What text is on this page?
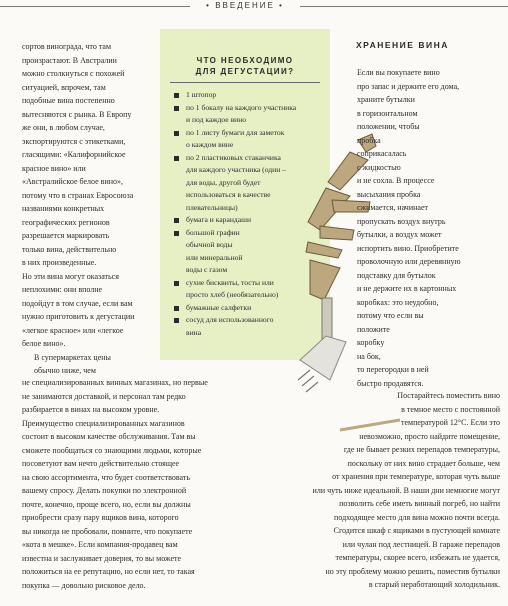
• ВВЕДЕНИЕ •

сортов винограда, что там
произрастают. В Австралии
можно столкнуться с похожей
ситуацией, впрочем, там
подобные вина постепенно
вытесняются с рынка. В Европу
же они, в любом случае,
экспортируются с этикетками,
гласящими: «Калифорнийское
красное вино» или
«Австралийское белое вино»,
потому что в странах Евросоюза
названиями конкретных
географических регионов
разрешается маркировать
только вина, действительно
в них произведенные.
Но эти вина могут оказаться
неплохими: они вполне
подойдут в том случае, если вам
нужно приготовить к дегустации
«легкое красное» или «легкое
белое вино».

В супермаркетах цены
обычно ниже, чем

ЧТО НЕОБХОДИМО
ДЛЯ ДЕГУСТАЦИИ?
1 штопор
по 1 бокалу на каждого участника
и под каждое вино
по 1 листу бумаги для заметок
о каждом вине
по 2 пластиковых стаканчика
для каждого участника (один –
для воды, другой будет
использоваться в качестве
плевательницы)
бумага и карандаши
большой графин
обычной воды
или минеральной
воды с газом
сухие бисквиты, тосты или
просто хлеб (необязательно)
бумажные салфетки
сосуд для использованного
вина
ХРАНЕНИЕ ВИНА
Если вы покупаете вино
про запас и держите его дома,
храните бутылки
в горизонтальном
положении, чтобы
пробка
соприкасалась
с жидкостью
и не сохла. В процессе
высыхания пробка
сжимается, начинает
пропускать воздух внутрь
бутылки, а воздух может
испортить вино. Приобретите
проволочную или деревянную
подставку для бутылок
и не держите их в картонных
коробках: это неудобно,
потому что если вы
положите
коробку
на бок,
то перегородки в ней
быстро продавятся.
Постарайтесь поместить вино
в темное место с постоянной
температурой 12°С. Если это
невозможно, просто найдите помещение,
где не бывает резких перепадов температуры,
поскольку от них вино страдает больше, чем
от хранения при температуре, которая чуть выше
или чуть ниже идеальной. В наши дни немногие могут
позволить себе иметь винный погреб, но найти
подходящее место для вина можно почти всегда.
Сгодится шкаф с ящиками в пустующей комнате
или чулан под лестницей. В гараже перепадов
температуры, скорее всего, избежать не удается,
но эту проблему можно решить, поместив бутылки
в старый неработающий холодильник.
не специализированных винных магазинах, но первые
не занимаются доставкой, и персонал там редко
разбирается в винах на высоком уровне.
Преимущество специализированных магазинов
состоит в высоком качестве обслуживания. Там вы
сможете пообщаться со знающими людьми, которые
посоветуют вам нечто действительно стоящее
на свою ассортимента, что будет соответствовать
вашему спросу. Делать покупки по электронной
почте, конечно, проще всего, но, если вы должны
приобрести сразу пару ящиков вина, которого
вы никогда не пробовали, помните, что покупаете
«кота в мешке». Если компания-продавец вам
известна и заслуживает доверия, то вы можете
положиться на ее репутацию, но если нет, то такая
покупка — довольно рисковое дело.
